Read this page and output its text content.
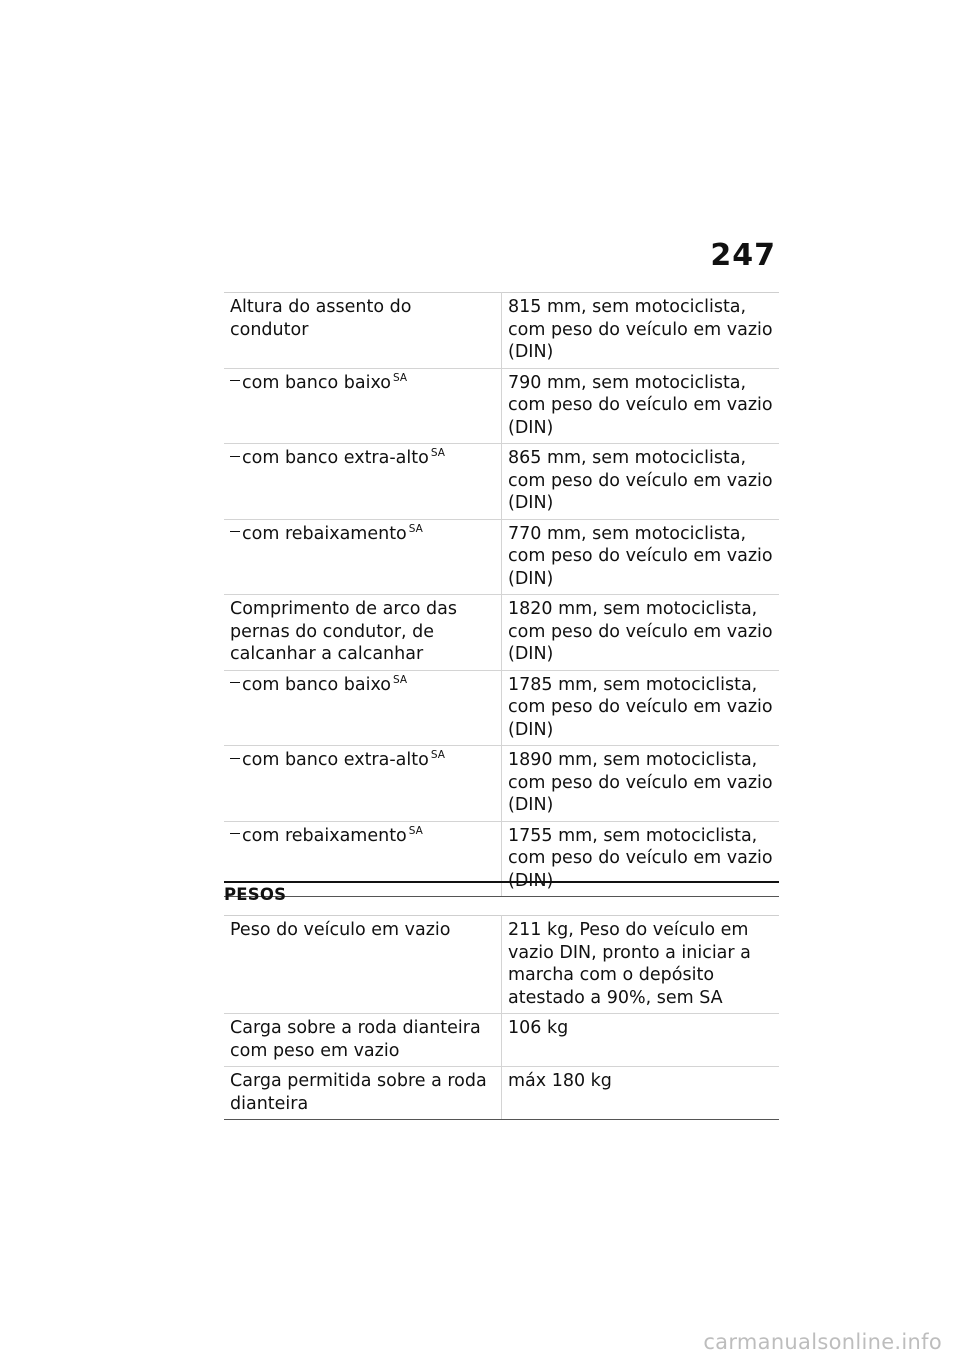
247
Altura do assento do condutor	815 mm, sem motociclista, com peso do veículo em vazio (DIN)
com banco baixo $^{SA}$	790 mm, sem motociclista, com peso do veículo em vazio (DIN)
com banco extra-alto $^{SA}$	865 mm, sem motociclista, com peso do veículo em vazio (DIN)
com rebaixamento $^{SA}$	770 mm, sem motociclista, com peso do veículo em vazio (DIN)
Comprimento de arco das pernas do condutor, de calcanhar a calcanhar	1820 mm, sem motociclista, com peso do veículo em vazio (DIN)
com banco baixo $^{SA}$	1785 mm, sem motociclista, com peso do veículo em vazio (DIN)
com banco extra-alto $^{SA}$	1890 mm, sem motociclista, com peso do veículo em vazio (DIN)
com rebaixamento $^{SA}$	1755 mm, sem motociclista, com peso do veículo em vazio (DIN)
PESOS
Peso do veículo em vazio	211 kg, Peso do veículo em vazio DIN, pronto a iniciar a marcha com o depósito atestado a 90%, sem SA
Carga sobre a roda dianteira com peso em vazio	106 kg
Carga permitida sobre a roda dianteira	máx 180 kg
carmanualsonline.info
